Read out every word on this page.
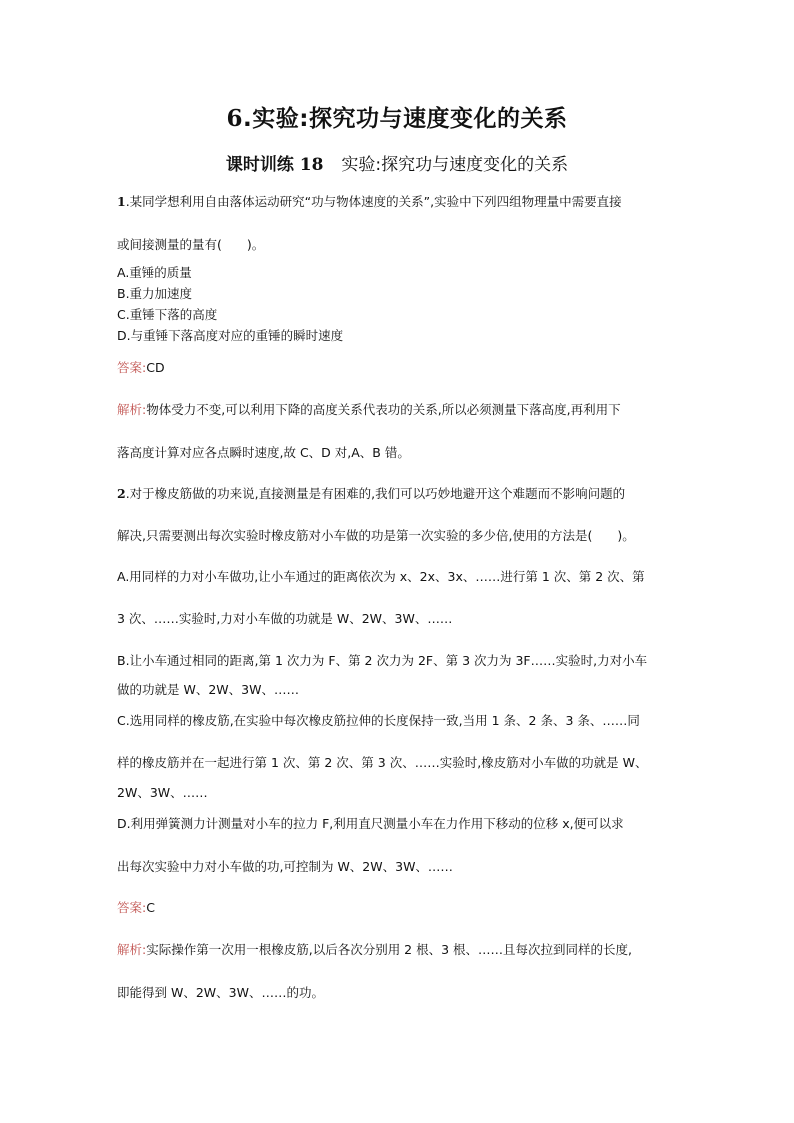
6.实验:探究功与速度变化的关系
课时训练 18 实验:探究功与速度变化的关系
1.某同学想利用自由落体运动研究“功与物体速度的关系”,实验中下列四组物理量中需要直接
或间接测量的量有(　　)。
A.重锤的质量
B.重力加速度
C.重锤下落的高度
D.与重锤下落高度对应的重锤的瞬时速度
答案:CD
解析:物体受力不变,可以利用下降的高度关系代表功的关系,所以必须测量下落高度,再利用下
落高度计算对应各点瞬时速度,故 C、D 对,A、B 错。
2.对于橡皮筋做的功来说,直接测量是有困难的,我们可以巧妙地避开这个难题而不影响问题的
解决,只需要测出每次实验时橡皮筋对小车做的功是第一次实验的多少倍,使用的方法是(　　)。
A.用同样的力对小车做功,让小车通过的距离依次为 x、2x、3x、……进行第 1 次、第 2 次、第
3 次、……实验时,力对小车做的功就是 W、2W、3W、……
B.让小车通过相同的距离,第 1 次力为 F、第 2 次力为 2F、第 3 次力为 3F……实验时,力对小车
做的功就是 W、2W、3W、……
C.选用同样的橡皮筋,在实验中每次橡皮筋拉伸的长度保持一致,当用 1 条、2 条、3 条、……同
样的橡皮筋并在一起进行第 1 次、第 2 次、第 3 次、……实验时,橡皮筋对小车做的功就是 W、
2W、3W、……
D.利用弹簧测力计测量对小车的拉力 F,利用直尺测量小车在力作用下移动的位移 x,便可以求
出每次实验中力对小车做的功,可控制为 W、2W、3W、……
答案:C
解析:实际操作第一次用一根橡皮筋,以后各次分别用 2 根、3 根、……且每次拉到同样的长度,
即能得到 W、2W、3W、……的功。
